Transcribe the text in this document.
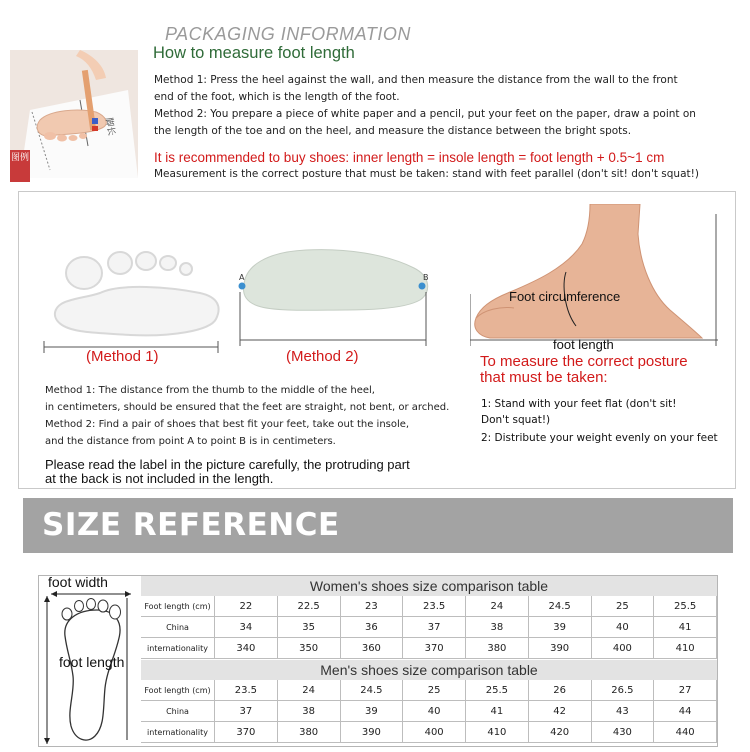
PACKAGING INFORMATION
How to measure foot length
脚长
图例
Method 1: Press the heel against the wall, and then measure the distance from the wall to the front
end of the foot, which is the length of the foot.
Method 2: You prepare a piece of white paper and a pencil, put your feet on the paper, draw a point on
the length of the toe and on the heel, and measure the distance between the bright spots.
It is recommended to buy shoes: inner length = insole length = foot length + 0.5~1 cm
Measurement is the correct posture that must be taken: stand with feet parallel (don't sit! don't squat!)
(Method 1)
A	B
(Method 2)
Foot circumference
foot length
To measure the correct posture
that must be taken:
Method 1: The distance from the thumb to the middle of the heel,
in centimeters, should be ensured that the feet are straight, not bent, or arched.
Method 2: Find a pair of shoes that best fit your feet, take out the insole,
and the distance from point A to point B is in centimeters.
1: Stand with your feet flat (don't sit!
Don't squat!)
2: Distribute your weight evenly on your feet
Please read the label in the picture carefully, the protruding part
at the back is not included in the length.
SIZE REFERENCE
foot width
foot length
Women's shoes size comparison table
Foot length (cm)	22	22.5	23	23.5	24	24.5	25	25.5
China	34	35	36	37	38	39	40	41
internationality	340	350	360	370	380	390	400	410
Men's shoes size comparison table
Foot length (cm)	23.5	24	24.5	25	25.5	26	26.5	27
China	37	38	39	40	41	42	43	44
internationality	370	380	390	400	410	420	430	440
